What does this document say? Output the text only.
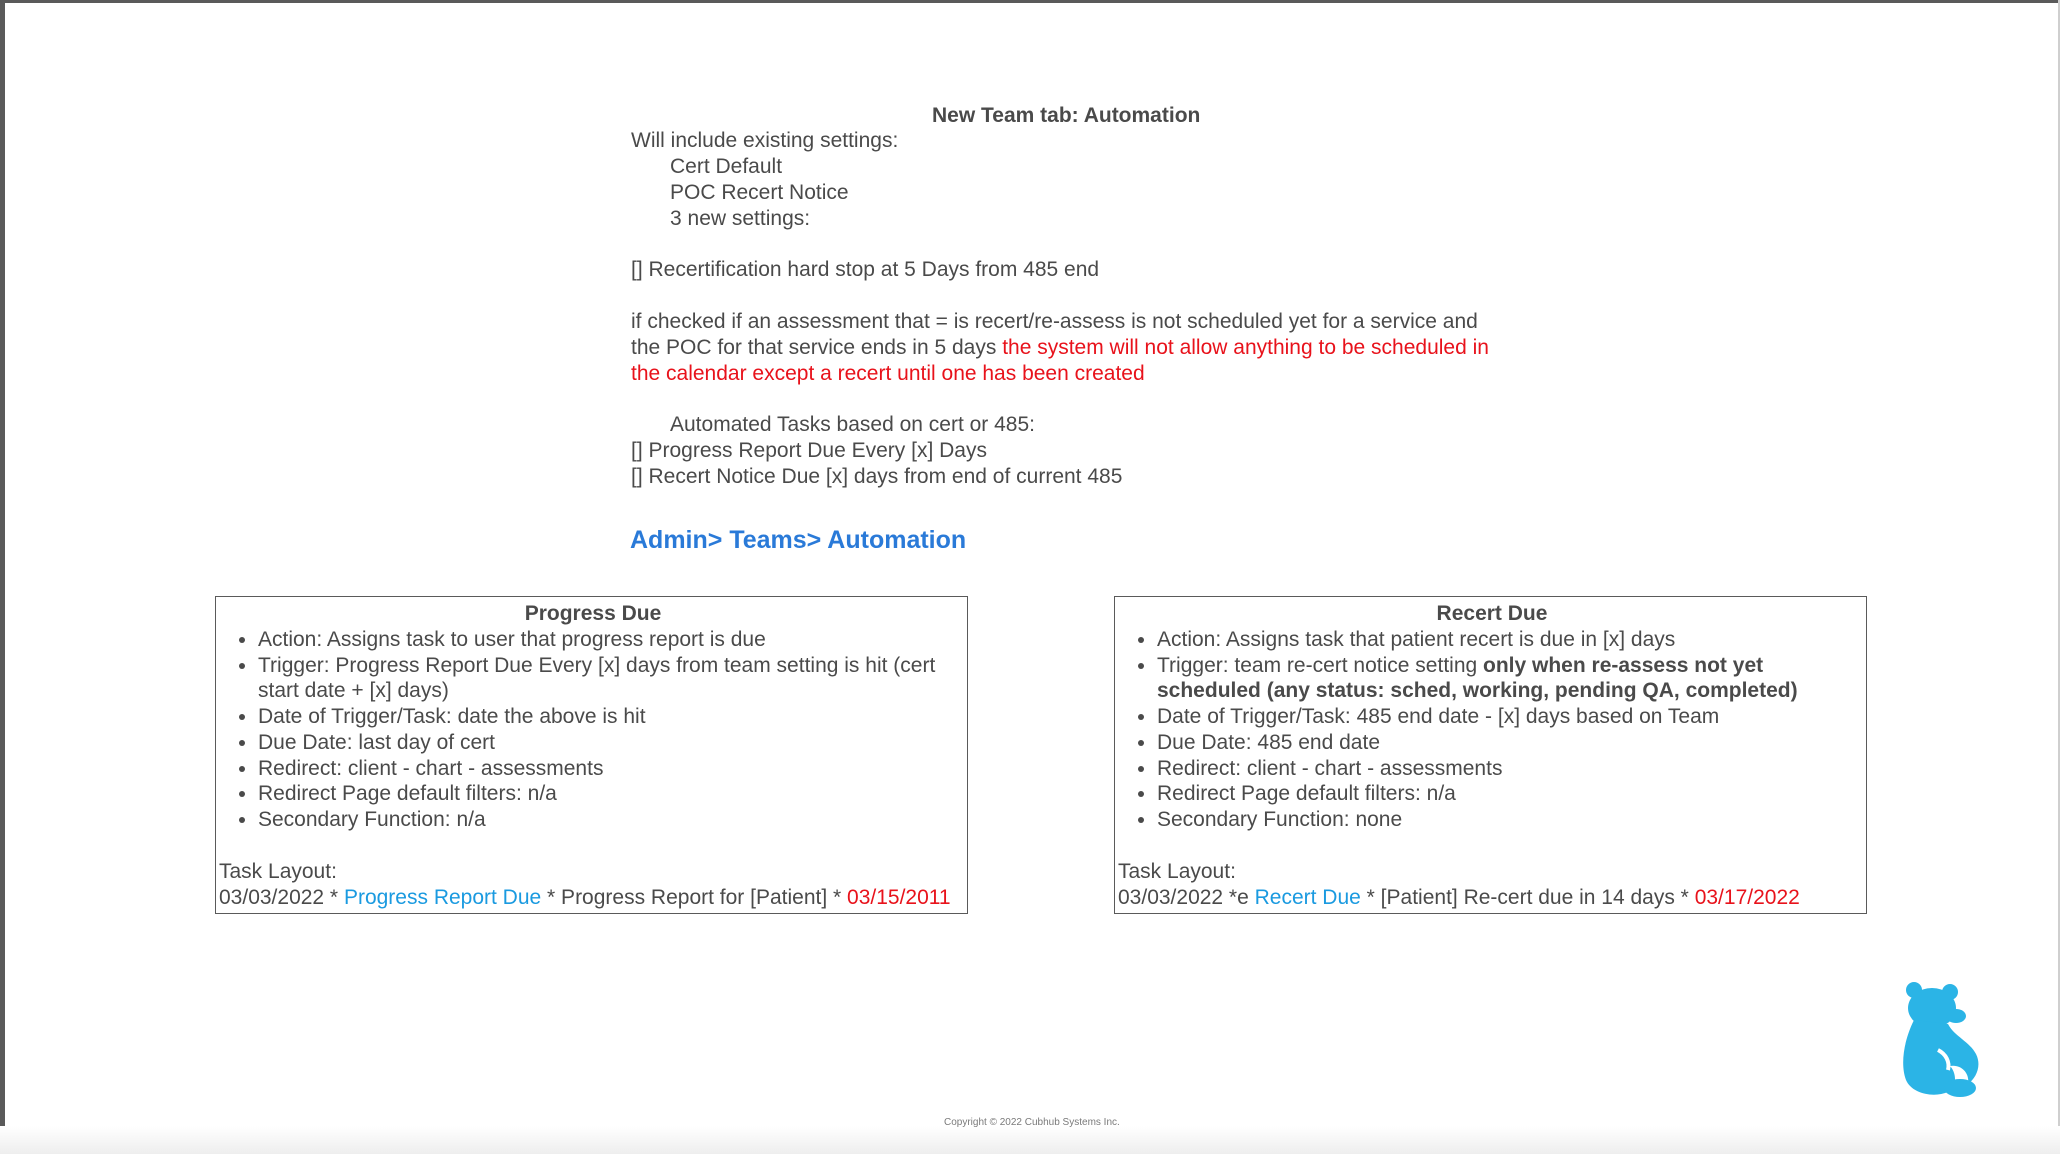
New Team tab: Automation
Will include existing settings:
Cert Default
POC Recert Notice
3 new settings:
[] Recertification hard stop at 5 Days from 485 end
if checked if an assessment that = is recert/re-assess is not scheduled yet for a service and
the POC for that service ends in 5 days the system will not allow anything to be scheduled in
the calendar except a recert until one has been created
Automated Tasks based on cert or 485:
[] Progress Report Due Every [x] Days
[] Recert Notice Due [x] days from end of current 485
Admin> Teams> Automation
Progress Due
• Action: Assigns task to user that progress report is due
• Trigger: Progress Report Due Every [x] days from team setting is hit (cert start date + [x] days)
• Date of Trigger/Task: date the above is hit
• Due Date: last day of cert
• Redirect: client - chart - assessments
• Redirect Page default filters: n/a
• Secondary Function: n/a
Task Layout:
03/03/2022 * Progress Report Due * Progress Report for [Patient] * 03/15/2011
Recert Due
• Action: Assigns task that patient recert is due in [x] days
• Trigger: team re-cert notice setting only when re-assess not yet scheduled (any status: sched, working, pending QA, completed)
• Date of Trigger/Task: 485 end date - [x] days based on Team
• Due Date: 485 end date
• Redirect: client - chart - assessments
• Redirect Page default filters: n/a
• Secondary Function: none
Task Layout:
03/03/2022 *e Recert Due * [Patient] Re-cert due in 14 days * 03/17/2022
Copyright © 2022 Cubhub Systems Inc.
